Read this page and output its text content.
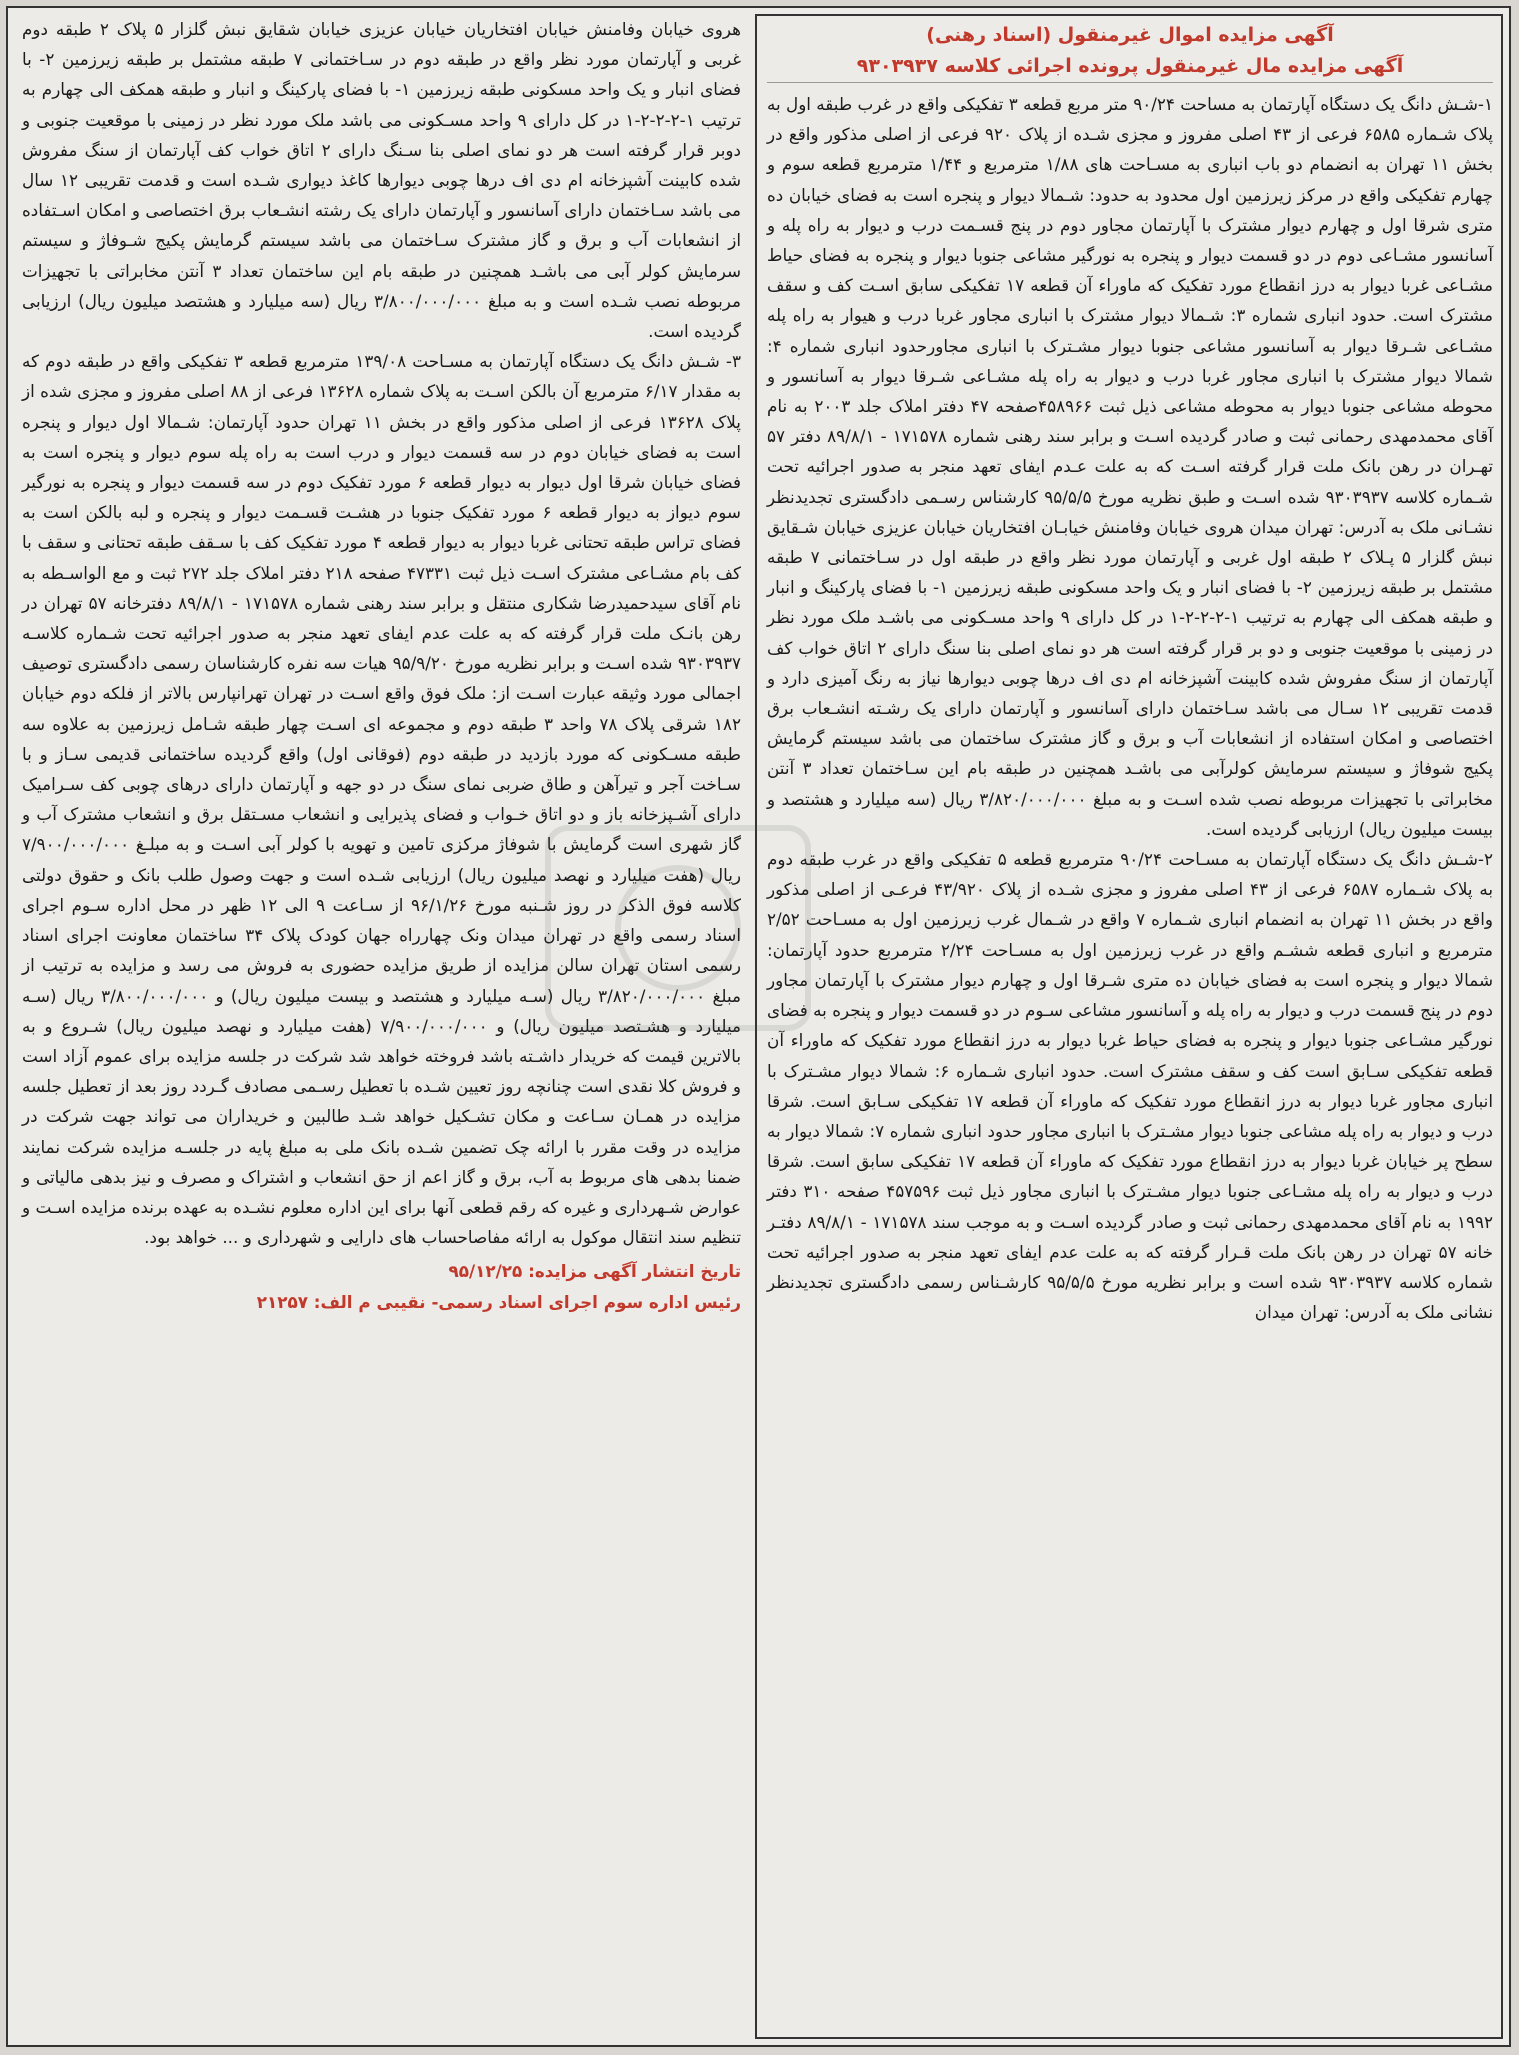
آگهی مزایده اموال غیرمنقول (اسناد رهنی)

آگهی مزایده مال غیرمنقول پرونده اجرائی کلاسه ۹۳۰۳۹۳۷

۱-شـش دانگ یک دستگاه آپارتمان به مساحت ۹۰/۲۴ متر مربع قطعه ۳ تفکیکی واقع در غرب طبقه اول به پلاک شـماره ۶۵۸۵ فرعی از ۴۳ اصلی مفروز و مجزی شـده از پلاک ۹۲۰ فرعی از اصلی مذکور واقع در بخش ۱۱ تهران به انضمام دو باب انباری به مسـاحت های ۱/۸۸ مترمربع و ۱/۴۴ مترمربع قطعه سوم و چهارم تفکیکی واقع در مرکز زیرزمین اول محدود به حدود: شـمالا دیوار و پنجره است به فضای خیابان ده متری شرقا اول و چهارم دیوار مشترک با آپارتمان مجاور دوم در پنج قسـمت درب و دیوار به راه پله و آسانسور مشـاعی دوم در دو قسمت دیوار و پنجره به نورگیر مشاعی جنوبا دیوار و پنجره به فضای حیاط مشـاعی غربا دیوار به درز انقطاع مورد تفکیک که ماوراء آن قطعه ۱۷ تفکیکی سابق اسـت کف و سقف مشترک است. حدود انباری شماره ۳: شـمالا دیوار مشترک با انباری مجاور غربا درب و هیوار به راه پله مشـاعی شـرقا دیوار به آسانسور مشاعی جنوبا دیوار مشـترک با انباری مجاورحدود انباری شماره ۴: شمالا دیوار مشترک با انباری مجاور غربا درب و دیوار به راه پله مشـاعی شـرقا دیوار به آسانسور و محوطه مشاعی جنوبا دیوار به محوطه مشاعی ذیل ثبت ۴۵۸۹۶۶صفحه ۴۷ دفتر املاک جلد ۲۰۰۳ به نام آقای محمدمهدی رحمانی ثبت و صادر گردیده اسـت و برابر سند رهنی شماره ۱۷۱۵۷۸ - ۸۹/۸/۱ دفتر ۵۷ تهـران در رهن بانک ملت قرار گرفته اسـت که به علت عـدم ایفای تعهد منجر به صدور اجرائیه تحت شـماره کلاسه ۹۳۰۳۹۳۷ شده اسـت و طبق نظریه مورخ ۹۵/۵/۵ کارشناس رسـمی دادگستری تجدیدنظر نشـانی ملک به آدرس: تهران میدان هروی خیابان وفامنش خیابـان افتخاریان خیابان عزیزی خیابان شـقایق نبش گلزار ۵ پـلاک ۲ طبقه اول غربی و آپارتمان مورد نظر واقع در طبقه اول در سـاختمانی ۷ طبقه مشتمل بر طبقه زیرزمین ۲- با فضای انبار و یک واحد مسکونی طبقه زیرزمین ۱- با فضای پارکینگ و انبار و طبقه همکف الی چهارم به ترتیب ۱-۲-۲-۲-۱ در کل دارای ۹ واحد مسـکونی می باشـد ملک مورد نظر در زمینی با موقعیت جنوبی و دو بر قرار گرفته است هر دو نمای اصلی بنا سنگ دارای ۲ اتاق خواب کف آپارتمان از سنگ مفروش شده کابینت آشپزخانه ام دی اف درها چوبی دیوارها نیاز به رنگ آمیزی دارد و قدمت تقریبی ۱۲ سـال می باشد سـاختمان دارای آسانسور و آپارتمان دارای یک رشـته انشـعاب برق اختصاصی و امکان استفاده از انشعابات آب و برق و گاز مشترک ساختمان می باشد سیستم گرمایش پکیج شوفاژ و سیستم سرمایش کولرآبی می باشـد همچنین در طبقه بام این سـاختمان تعداد ۳ آنتن مخابراتی با تجهیزات مربوطه نصب شده اسـت و به مبلغ ۳/۸۲۰/۰۰۰/۰۰۰ ریال (سه میلیارد و هشتصد و بیست میلیون ریال) ارزیابی گردیده است.

۲-شـش دانگ یک دستگاه آپارتمان به مسـاحت ۹۰/۲۴ مترمربع قطعه ۵ تفکیکی واقع در غرب طبقه دوم به پلاک شـماره ۶۵۸۷ فرعی از ۴۳ اصلی مفروز و مجزی شـده از پلاک ۴۳/۹۲۰ فرعـی از اصلی مذکور واقع در بخش ۱۱ تهران به انضمام انباری شـماره ۷ واقع در شـمال غرب زیرزمین اول به مسـاحت ۲/۵۲ مترمربع و انباری قطعه ششـم واقع در غرب زیرزمین اول به مسـاحت ۲/۲۴ مترمربع حدود آپارتمان: شمالا دیوار و پنجره است به فضای خیابان ده متری شـرقا اول و چهارم دیوار مشترک با آپارتمان مجاور دوم در پنج قسمت درب و دیوار به راه پله و آسانسور مشاعی سـوم در دو قسمت دیوار و پنجره به فضای نورگیر مشـاعی جنوبا دیوار و پنجره به فضای حیاط غربا دیوار به درز انقطاع مورد تفکیک که ماوراء آن قطعه تفکیکی سـابق است کف و سقف مشترک است. حدود انباری شـماره ۶: شمالا دیوار مشـترک با انباری مجاور غربا دیوار به درز انقطاع مورد تفکیک که ماوراء آن قطعه ۱۷ تفکیکی سـابق است. شرقا درب و دیوار به راه پله مشاعی جنوبا دیوار مشـترک با انباری مجاور حدود انباری شماره ۷: شمالا دیوار به سطح پر خیابان غربا دیوار به درز انقطاع مورد تفکیک که ماوراء آن قطعه ۱۷ تفکیکی سابق است. شرقا درب و دیوار به راه پله مشـاعی جنوبا دیوار مشـترک با انباری مجاور ذیل ثبت ۴۵۷۵۹۶ صفحه ۳۱۰ دفتر ۱۹۹۲ به نام آقای محمدمهدی رحمانی ثبت و صادر گردیده اسـت و به موجب سند ۱۷۱۵۷۸ - ۸۹/۸/۱ دفتـر خانه ۵۷ تهران در رهن بانک ملت قـرار گرفته که به علت عدم ایفای تعهد منجر به صدور اجرائیه تحت شماره کلاسه ۹۳۰۳۹۳۷ شده است و برابر نظریه مورخ ۹۵/۵/۵ کارشـناس رسمی دادگستری تجدیدنظر نشانی ملک به آدرس: تهران میدان

هروی خیابان وفامنش خیابان افتخاریان خیابان عزیزی خیابان شقایق نبش گلزار ۵ پلاک ۲ طبقه دوم غربی و آپارتمان مورد نظر واقع در طبقه دوم در سـاختمانی ۷ طبقه مشتمل بر طبقه زیرزمین ۲- با فضای انبار و یک واحد مسکونی طبقه زیرزمین ۱- با فضای پارکینگ و انبار و طبقه همکف الی چهارم به ترتیب ۱-۲-۲-۲-۱ در کل دارای ۹ واحد مسـکونی می باشد ملک مورد نظر در زمینی با موقعیت جنوبی و دوبر قرار گرفته است هر دو نمای اصلی بنا سـنگ دارای ۲ اتاق خواب کف آپارتمان از سنگ مفروش شده کابینت آشپزخانه ام دی اف درها چوبی دیوارها کاغذ دیواری شـده است و قدمت تقریبی ۱۲ سال می باشد سـاختمان دارای آسانسور و آپارتمان دارای یک رشته انشـعاب برق اختصاصی و امکان اسـتفاده از انشعابات آب و برق و گاز مشترک سـاختمان می باشد سیستم گرمایش پکیج شـوفاژ و سیستم سرمایش کولر آبی می باشـد همچنین در طبقه بام این ساختمان تعداد ۳ آنتن مخابراتی با تجهیزات مربوطه نصب شـده است و به مبلغ ۳/۸۰۰/۰۰۰/۰۰۰ ریال (سه میلیارد و هشتصد میلیون ریال) ارزیابی گردیده است.

۳- شـش دانگ یک دستگاه آپارتمان به مسـاحت ۱۳۹/۰۸ مترمربع قطعه ۳ تفکیکی واقع در طبقه دوم که به مقدار ۶/۱۷ مترمربع آن بالکن اسـت به پلاک شماره ۱۳۶۲۸ فرعی از ۸۸ اصلی مفروز و مجزی شده از پلاک ۱۳۶۲۸ فرعی از اصلی مذکور واقع در بخش ۱۱ تهران حدود آپارتمان: شـمالا اول دیوار و پنجره است به فضای خیابان دوم در سه قسمت دیوار و درب است به راه پله سوم دیوار و پنجره است به فضای خیابان شرقا اول دیوار به دیوار قطعه ۶ مورد تفکیک دوم در سه قسمت دیوار و پنجره به نورگیر سوم دیواز به دیوار قطعه ۶ مورد تفکیک جنوبا در هشـت قسـمت دیوار و پنجره و لبه بالکن است به فضای تراس طبقه تحتانی غربا دیوار به دیوار قطعه ۴ مورد تفکیک کف با سـقف طبقه تحتانی و سقف با کف بام مشـاعی مشترک اسـت ذیل ثبت ۴۷۳۳۱ صفحه ۲۱۸ دفتر املاک جلد ۲۷۲ ثبت و مع الواسـطه به نام آقای سیدحمیدرضا شکاری منتقل و برابر سند رهنی شماره ۱۷۱۵۷۸ - ۸۹/۸/۱ دفترخانه ۵۷ تهران در رهن بانـک ملت قرار گرفته که به علت عدم ایفای تعهد منجر به صدور اجرائیه تحت شـماره کلاسـه ۹۳۰۳۹۳۷ شده اسـت و برابر نظریه مورخ ۹۵/۹/۲۰ هیات سه نفره کارشناسان رسمی دادگستری توصیف اجمالی مورد وثیقه عبارت اسـت از: ملک فوق واقع اسـت در تهران تهرانپارس بالاتر از فلکه دوم خیابان ۱۸۲ شرقی پلاک ۷۸ واحد ۳ طبقه دوم و مجموعه ای اسـت چهار طبقه شـامل زیرزمین به علاوه سه طبقه مسـکونی که مورد بازدید در طبقه دوم (فوقانی اول) واقع گردیده ساختمانی قدیمی سـاز و با سـاخت آجر و تیرآهن و طاق ضربی نمای سنگ در دو جهه و آپارتمان دارای درهای چوبی کف سـرامیک دارای آشـپزخانه باز و دو اتاق خـواب و فضای پذیرایی و انشعاب مسـتقل برق و انشعاب مشترک آب و گاز شهری است گرمایش با شوفاژ مرکزی تامین و تهویه با کولر آبی اسـت و به مبلـغ ۷/۹۰۰/۰۰۰/۰۰۰ ریال (هفت میلیارد و نهصد میلیون ریال) ارزیابی شـده است و جهت وصول طلب بانک و حقوق دولتی کلاسه فوق الذکر در روز شـنبه مورخ ۹۶/۱/۲۶ از سـاعت ۹ الی ۱۲ ظهر در محل اداره سـوم اجرای اسناد رسمی واقع در تهران میدان ونک چهارراه جهان کودک پلاک ۳۴ ساختمان معاونت اجرای اسناد رسمی استان تهران سالن مزایده از طریق مزایده حضوری به فروش می رسد و مزایده به ترتیب از مبلغ ۳/۸۲۰/۰۰۰/۰۰۰ ریال (سـه میلیارد و هشتصد و بیست میلیون ریال) و ۳/۸۰۰/۰۰۰/۰۰۰ ریال (سـه میلیارد و هشـتصد میلیون ریال) و ۷/۹۰۰/۰۰۰/۰۰۰ (هفت میلیارد و نهصد میلیون ریال) شـروع و به بالاترین قیمت که خریدار داشـته باشد فروخته خواهد شد شرکت در جلسه مزایده برای عموم آزاد است و فروش کلا نقدی است چنانچه روز تعیین شـده با تعطیل رسـمی مصادف گـردد روز بعد از تعطیل جلسه مزایده در همـان سـاعت و مکان تشـکیل خواهد شـد طالبین و خریداران می تواند جهت شرکت در مزایده در وقت مقرر با ارائه چک تضمین شـده بانک ملی به مبلغ پایه در جلسـه مزایده شرکت نمایند ضمنا بدهی های مربوط به آب، برق و گاز اعم از حق انشعاب و اشتراک و مصرف و نیز بدهی مالیاتی و عوارض شـهرداری و غیره که رقم قطعی آنها برای این اداره معلوم نشـده به عهده برنده مزایده اسـت و تنظیم سند انتقال موکول به ارائه مفاصاحساب های دارایی و شهرداری و ... خواهد بود.

تاریخ انتشار آگهی مزایده: ۹۵/۱۲/۲۵

رئیس اداره سوم اجرای اسناد رسمی- نقیبی م الف: ۲۱۲۵۷
